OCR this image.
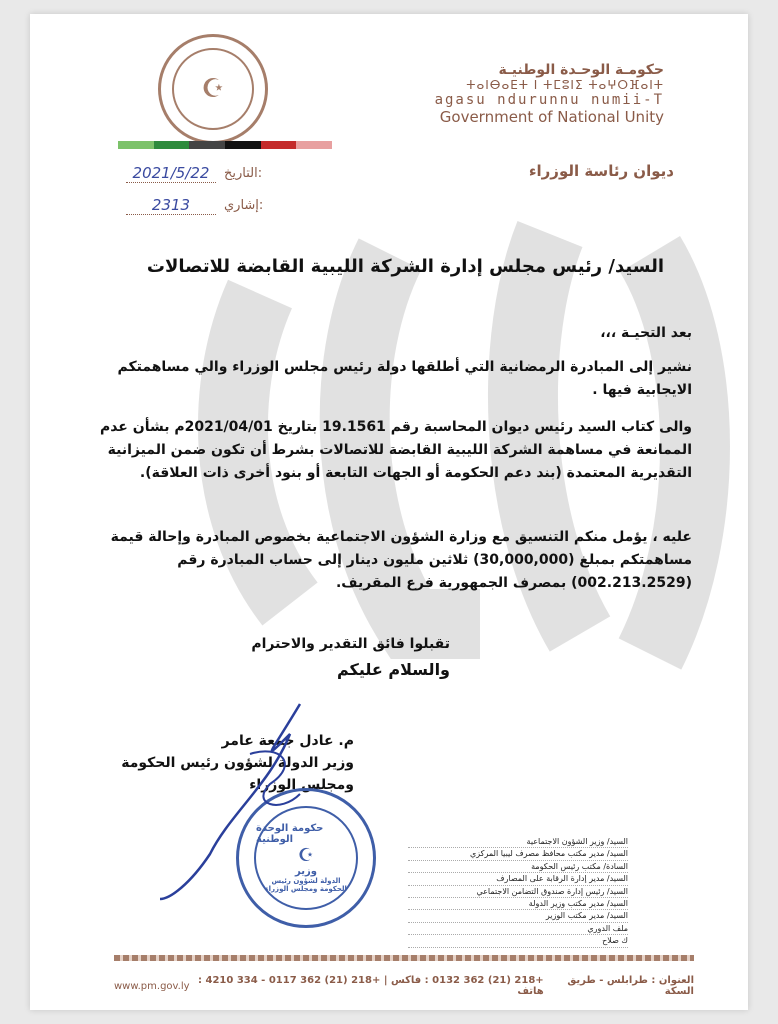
☪
حكومـة الوحـدة الوطنيـة
ⵜⴰⵏⴱⴰⴹⵜ ⵏ ⵜⵎⵓⵏⵉ ⵜⴰⵖⵔⴼⴰⵏⵜ
agasu ndurunnu numii-T
Government of National Unity
ديوان رئاسة الوزراء
2021/5/22	التاريخ:
2313	إشاري:
السيد/ رئيس مجلس إدارة الشركة الليبية القابضة للاتصالات
بعد التحيـة ،،،
نشير إلى المبادرة الرمضانية التي أطلقها دولة رئيس مجلس الوزراء والي مساهمتكم الايجابية فيها .
والى كتاب السيد رئيس ديوان المحاسبة رقم 19.1561 بتاريخ 2021/04/01م بشأن عدم الممانعة في مساهمة الشركة الليبية القابضة للاتصالات بشرط أن تكون ضمن الميزانية التقديرية المعتمدة (بند دعم الحكومة أو الجهات التابعة أو بنود أخرى ذات العلاقة).
عليه ، يؤمل منكم التنسيق مع وزارة الشؤون الاجتماعية بخصوص المبادرة وإحالة قيمة مساهمتكم بمبلغ (30,000,000) ثلاثين مليون دينار إلى حساب المبادرة رقم (002.213.2529) بمصرف الجمهورية فرع المقريف.
تقبلوا فائق التقدير والاحترام
والسلام عليكم
م. عادل جمعة عامر
وزير الدولة لشؤون رئيس الحكومة
ومجلس الوزراء
حكومة الوحدة الوطنية
☪
وزير
الدولة لشؤون رئيس الحكومة ومجلس الوزراء
السيد/ وزير الشؤون الاجتماعية
السيد/ مدير مكتب محافظ مصرف ليبيا المركزي
السادة/ مكتب رئيس الحكومة
السيد/ مدير إدارة الرقابة على المصارف
السيد/ رئيس إدارة صندوق التضامن الاجتماعي
السيد/ مدير مكتب وزير الدولة
السيد/ مدير مكتب الوزير
ملف الدوري
ك صلاح
www.pm.gov.ly +218 (21) 362 0132 : فاكس | +218 (21) 362 0117 - 334 4210 : هاتف
العنوان : طرابلس - طريق السكة
